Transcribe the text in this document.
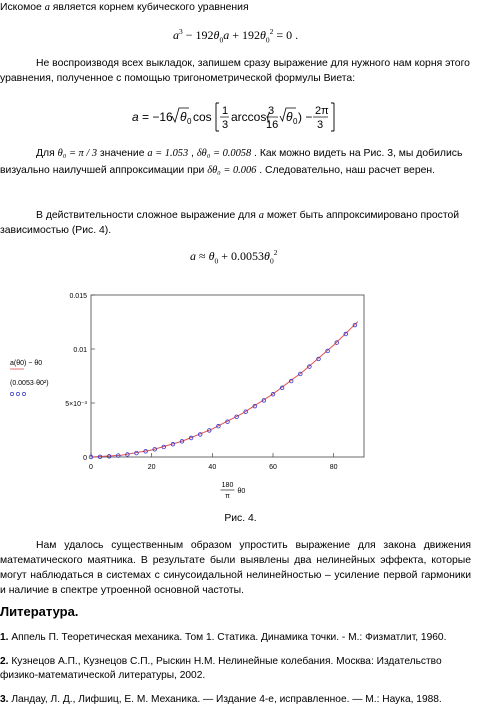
Искомое a является корнем кубического уравнения

$a^3 - 192\theta_0a + 192\theta_0^2 = 0$ .

Не воспроизводя всех выкладок, запишем сразу выражение для нужного нам корня этого уравнения, полученное с помощью тригонометрической формулы Виета:

a = −16 θ 0 cos 1
3
arccos(
3
16
θ 0 ) − 2π
3

Для θ₀ = π / 3 значение a = 1.053 , δθ₀ = 0.0058 . Как можно видеть на Рис. 3, мы добились визуально наилучшей аппроксимации при δθ₀ = 0.006 . Следовательно, наш расчет верен.

В действительности сложное выражение для a может быть аппроксимировано простой зависимостью (Рис. 4).

$a \approx \theta_0 + 0.0053\theta_0^2$
0	20	40	60	80
0
5×10⁻³
0.01
0.015
180
π
θ0
a(θ0) − θ0
(0.0053·θ0²)
Рис. 4.

Нам удалось существенным образом упростить выражение для закона движения математического маятника. В результате были выявлены два нелинейных эффекта, которые могут наблюдаться в системах с синусоидальной нелинейностью – усиление первой гармоники и наличие в спектре утроенной основной частоты.

Литература.
1. Аппель П. Теоретическая механика. Том 1. Статика. Динамика точки. - М.: Физматлит, 1960.
2. Кузнецов А.П., Кузнецов С.П., Рыскин Н.М. Нелинейные колебания. Москва: Издательство физико-математической литературы, 2002.
3. Ландау, Л. Д., Лифшиц, Е. М. Механика. — Издание 4-е, исправленное. — М.: Наука, 1988.
